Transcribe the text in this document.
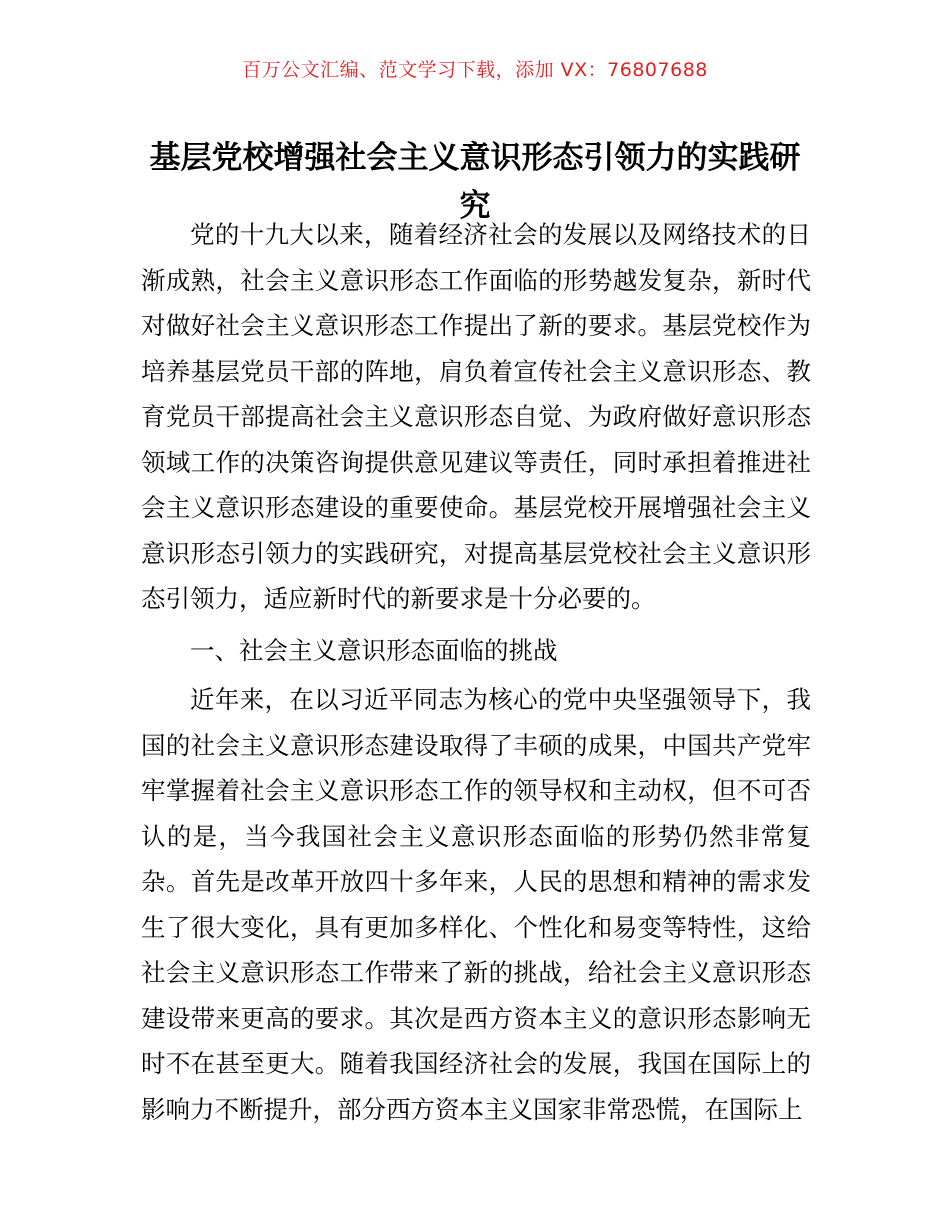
百万公文汇编、范文学习下载，添加 VX：76807688
基层党校增强社会主义意识形态引领力的实践研究

党的十九大以来，随着经济社会的发展以及网络技术的日渐成熟，社会主义意识形态工作面临的形势越发复杂，新时代对做好社会主义意识形态工作提出了新的要求。基层党校作为培养基层党员干部的阵地，肩负着宣传社会主义意识形态、教育党员干部提高社会主义意识形态自觉、为政府做好意识形态领域工作的决策咨询提供意见建议等责任，同时承担着推进社会主义意识形态建设的重要使命。基层党校开展增强社会主义意识形态引领力的实践研究，对提高基层党校社会主义意识形态引领力，适应新时代的新要求是十分必要的。

一、社会主义意识形态面临的挑战

近年来，在以习近平同志为核心的党中央坚强领导下，我国的社会主义意识形态建设取得了丰硕的成果，中国共产党牢牢掌握着社会主义意识形态工作的领导权和主动权，但不可否认的是，当今我国社会主义意识形态面临的形势仍然非常复杂。首先是改革开放四十多年来，人民的思想和精神的需求发生了很大变化，具有更加多样化、个性化和易变等特性，这给社会主义意识形态工作带来了新的挑战，给社会主义意识形态建设带来更高的要求。其次是西方资本主义的意识形态影响无时不在甚至更大。随着我国经济社会的发展，我国在国际上的影响力不断提升，部分西方资本主义国家非常恐慌，在国际上
